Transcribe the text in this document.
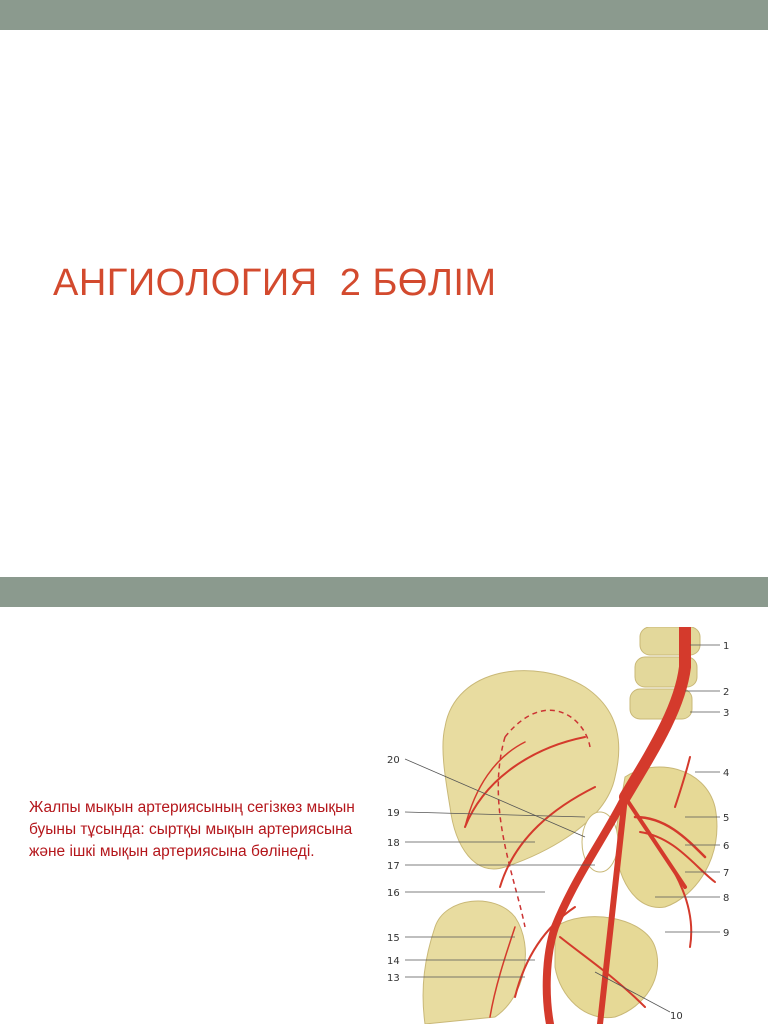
АНГИОЛОГИЯ  2 БӨЛІМ
Жалпы мықын артериясының сегізкөз мықын буыны тұсында: сыртқы мықын артериясына және ішкі мықын артериясына бөлінеді.
1
2
3
4
5
6
7
8
9
10
20
19
18
17
16
15
14
13
